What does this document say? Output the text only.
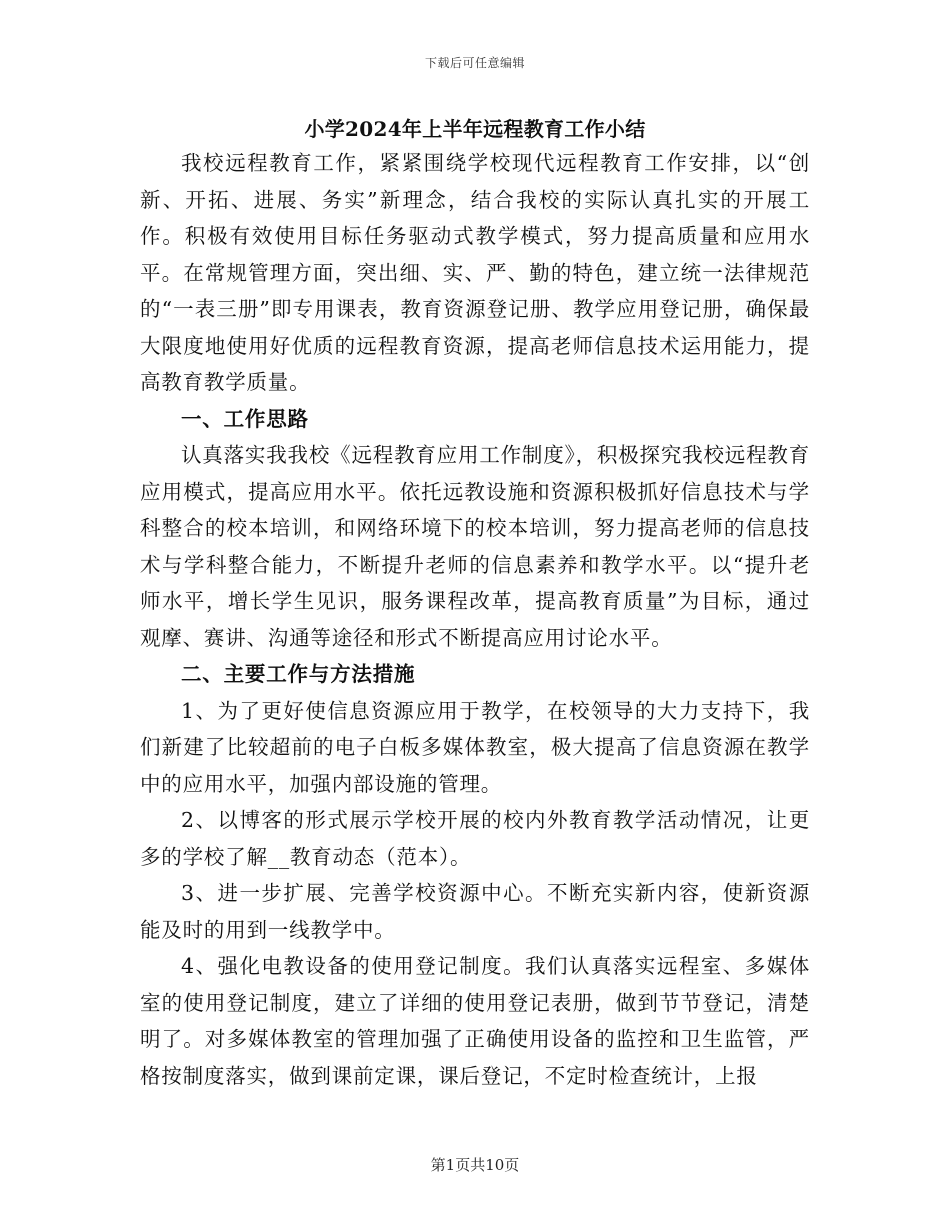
下载后可任意编辑
小学2024年上半年远程教育工作小结

我校远程教育工作，紧紧围绕学校现代远程教育工作安排，以“创新、开拓、进展、务实”新理念，结合我校的实际认真扎实的开展工作。积极有效使用目标任务驱动式教学模式，努力提高质量和应用水平。在常规管理方面，突出细、实、严、勤的特色，建立统一法律规范的“一表三册”即专用课表，教育资源登记册、教学应用登记册，确保最大限度地使用好优质的远程教育资源，提高老师信息技术运用能力，提高教育教学质量。

一、工作思路

认真落实我我校《远程教育应用工作制度》，积极探究我校远程教育应用模式，提高应用水平。依托远教设施和资源积极抓好信息技术与学科整合的校本培训，和网络环境下的校本培训，努力提高老师的信息技术与学科整合能力，不断提升老师的信息素养和教学水平。以“提升老师水平，增长学生见识，服务课程改革，提高教育质量”为目标，通过观摩、赛讲、沟通等途径和形式不断提高应用讨论水平。

二、主要工作与方法措施

1、为了更好使信息资源应用于教学，在校领导的大力支持下，我们新建了比较超前的电子白板多媒体教室，极大提高了信息资源在教学中的应用水平，加强内部设施的管理。

2、以博客的形式展示学校开展的校内外教育教学活动情况，让更多的学校了解__教育动态（范本）。

3、进一步扩展、完善学校资源中心。不断充实新内容，使新资源能及时的用到一线教学中。

4、强化电教设备的使用登记制度。我们认真落实远程室、多媒体室的使用登记制度，建立了详细的使用登记表册，做到节节登记，清楚明了。对多媒体教室的管理加强了正确使用设备的监控和卫生监管，严格按制度落实，做到课前定课，课后登记，不定时检查统计，上报

第1页共10页
